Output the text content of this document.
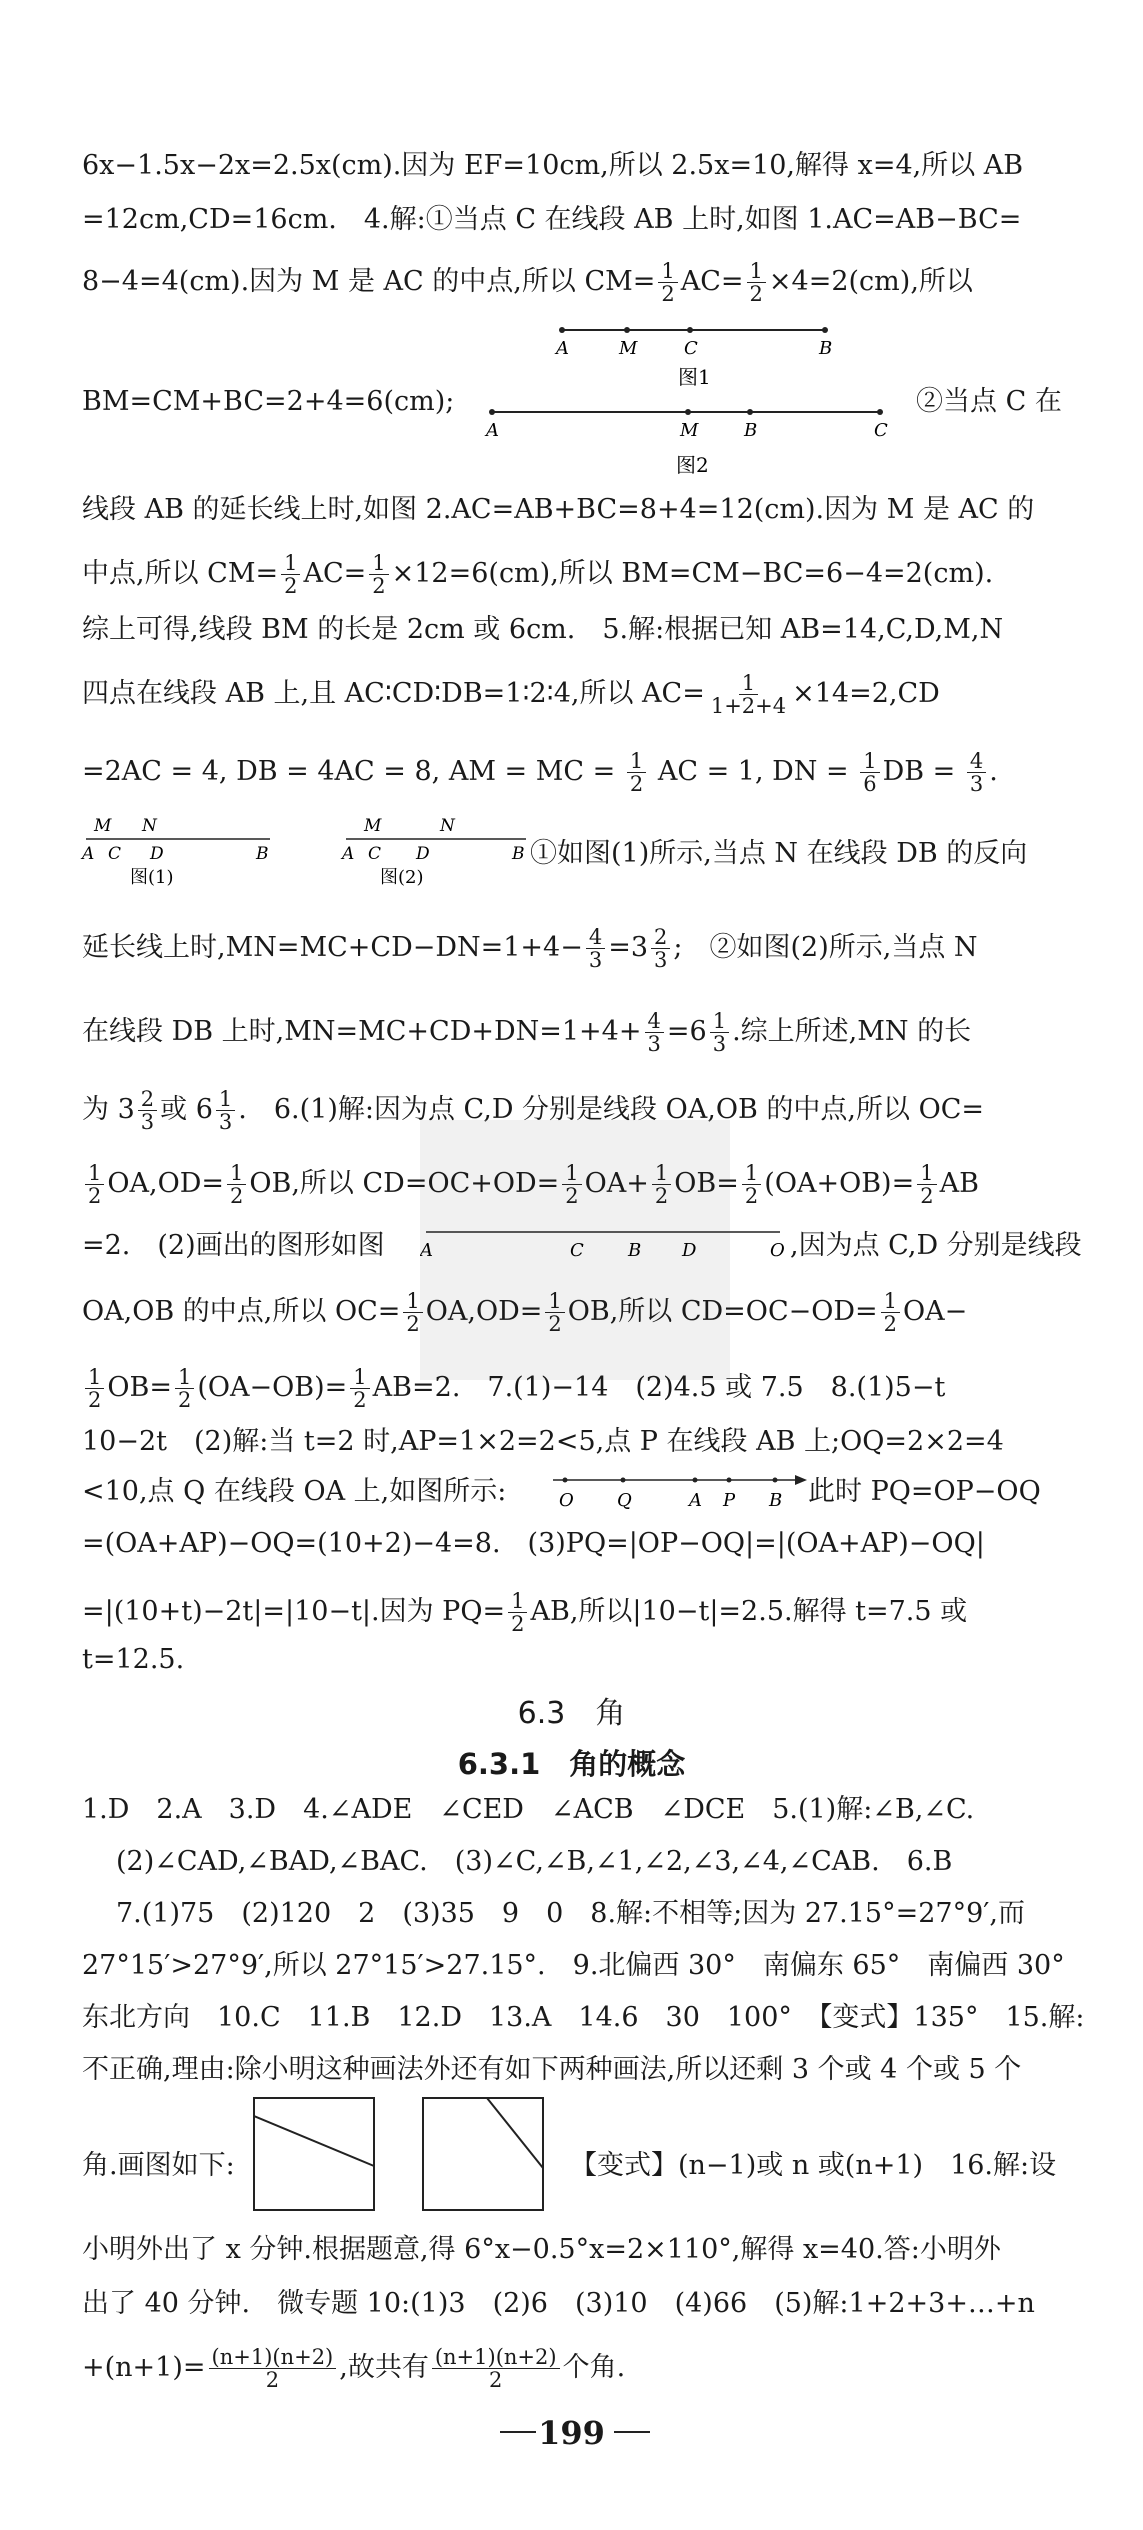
6x−1.5x−2x=2.5x(cm).因为 EF=10cm,所以 2.5x=10,解得 x=4,所以 AB
=12cm,CD=16cm.　4.解:①当点 C 在线段 AB 上时,如图 1.AC=AB−BC=
8−4=4(cm).因为 M 是 AC 的中点,所以 $CM= \frac{1}{2} AC= \frac{1}{2} \times 4=2(cm)$,所以
A	M	C	B
图1
BM=CM+BC=2+4=6(cm);
A	M	B	C
图2
②当点 C 在
线段 AB 的延长线上时,如图 2.AC=AB+BC=8+4=12(cm).因为 M 是 AC 的
中点,所以 $CM= \frac{1}{2} AC= \frac{1}{2} \times 12=6(cm)$,所以 BM=CM−BC=6−4=2(cm).
综上可得,线段 BM 的长是 2cm 或 6cm.　5.解:根据已知 AB=14,C,D,M,N
四点在线段 AB 上,且 AC∶CD∶DB=1∶2∶4,所以 $AC= \frac{1}{1+2+4} \times 14=2,CD$
=2AC = 4, DB = 4AC = 8, AM = MC = $\frac{1}{2}$ AC = 1, DN = $\frac{1}{6}$ DB = $\frac{4}{3}$ .
M N
A C D	B
图(1)
M	N
A C D	B
图(2)
①如图(1)所示,当点 N 在线段 DB 的反向
延长线上时$,MN=MC+CD-DN=1+4- \frac{4}{3} =3 \frac{2}{3}$ ;　②如图(2)所示,当点 N
在线段 DB 上时$,MN=MC+CD+DN=1+4+ \frac{4}{3} =6 \frac{1}{3}$ .综上所述,MN 的长
为 $3 \frac{2}{3}$ 或 $6 \frac{1}{3}$ .　6.(1)解:因为点 C,D 分别是线段 OA,OB 的中点,所以 OC=
$\frac{1}{2} OA,OD= \frac{1}{2}$ OB,所以 $CD=OC+OD= \frac{1}{2} OA+ \frac{1}{2} OB= \frac{1}{2} (OA+OB)= \frac{1}{2}$ AB
=2.　(2)画出的图形如图 A	C B D	O ,因为点 C,D 分别是线段
OA,OB 的中点,所以 $OC= \frac{1}{2} OA,OD= \frac{1}{2}$ OB,所以 $CD=OC-OD= \frac{1}{2} OA-$
$\frac{1}{2} OB= \frac{1}{2} (OA-OB)= \frac{1}{2} AB=2$.　7.(1)−14　(2)4.5 或 7.5　8.(1)5−t
10−2t　(2)解:当 t=2 时,AP=1×2=2<5,点 P 在线段 AB 上;OQ=2×2=4
<10,点 Q 在线段 OA 上,如图所示:	O Q	A P B 此时 PQ=OP−OQ
=(OA+AP)−OQ=(10+2)−4=8.　(3)PQ=|OP−OQ|=|(OA+AP)−OQ|
=|(10+t)−2t|=|10−t|.因为 $PQ= \frac{1}{2}$ AB,所以|10−t|=2.5.解得 t=7.5 或
t=12.5.
6.3　角
6.3.1　角的概念
1.D　2.A　3.D　4.∠ADE　∠CED　∠ACB　∠DCE　5.(1)解:∠B,∠C.
(2)∠CAD,∠BAD,∠BAC.　(3)∠C,∠B,∠1,∠2,∠3,∠4,∠CAB.　6.B
7.(1)75　(2)120　2　(3)35　9　0　8.解:不相等;因为 27.15°=27°9′,而
27°15′>27°9′,所以 27°15′>27.15°.　9.北偏西 30°　南偏东 65°　南偏西 30°
东北方向　10.C　11.B　12.D　13.A　14.6　30　100°　【变式】135°　15.解:
不正确,理由:除小明这种画法外还有如下两种画法,所以还剩 3 个或 4 个或 5 个
角.画图如下:	【变式】(n−1)或 n 或(n+1)　16.解:设
小明外出了 x 分钟.根据题意,得 6°x−0.5°x=2×110°,解得 x=40.答:小明外
出了 40 分钟.　微专题 10:(1)3　(2)6　(3)10　(4)66　(5)解:1+2+3+…+n
$+(n+1)= \frac{(n+1)(n+2)}{2}$ ,故共有 $\frac{(n+1)(n+2)}{2}$ 个角.
199
